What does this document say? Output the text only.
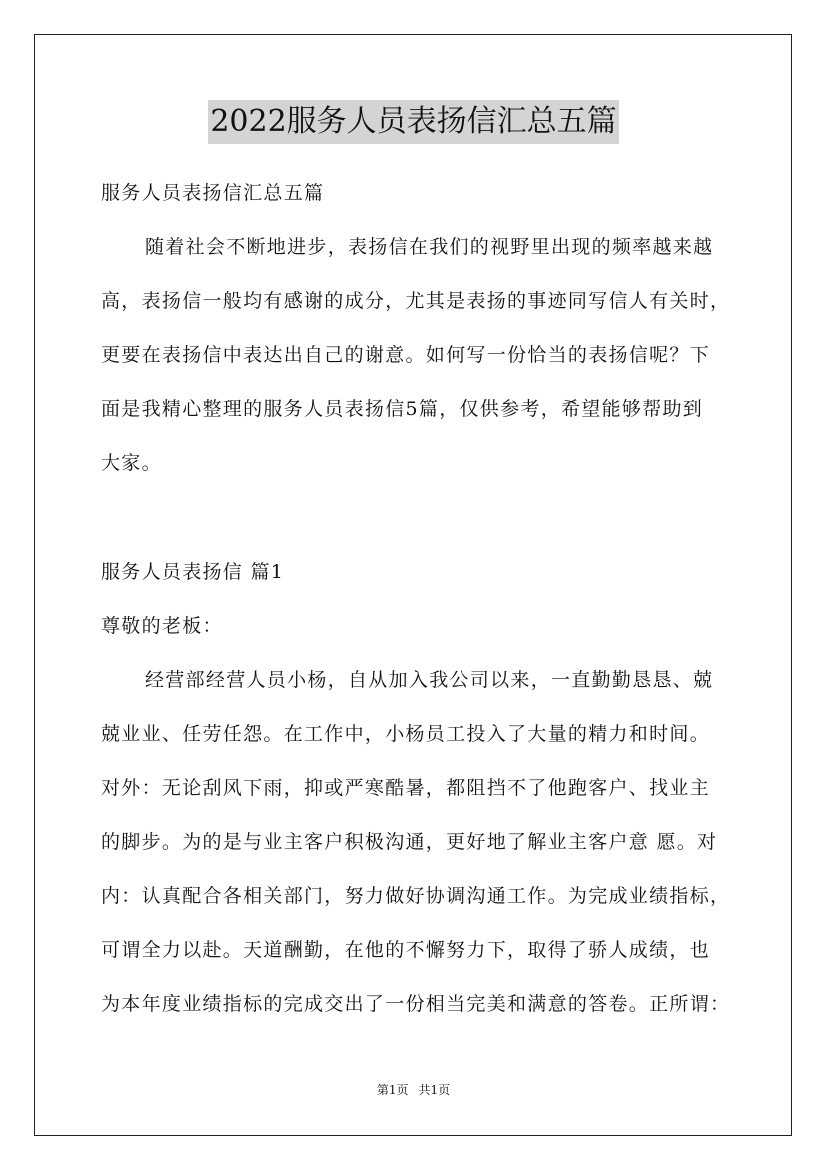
2022服务人员表扬信汇总五篇
服务人员表扬信汇总五篇
随着社会不断地进步，表扬信在我们的视野里出现的频率越来越
高，表扬信一般均有感谢的成分，尤其是表扬的事迹同写信人有关时，
更要在表扬信中表达出自己的谢意。如何写一份恰当的表扬信呢？下
面是我精心整理的服务人员表扬信5篇，仅供参考，希望能够帮助到
大家。
服务人员表扬信 篇1
尊敬的老板：
经营部经营人员小杨，自从加入我公司以来，一直勤勤恳恳、兢
兢业业、任劳任怨。在工作中，小杨员工投入了大量的精力和时间。
对外：无论刮风下雨，抑或严寒酷暑，都阻挡不了他跑客户、找业主
的脚步。为的是与业主客户积极沟通，更好地了解业主客户意 愿。对
内：认真配合各相关部门，努力做好协调沟通工作。为完成业绩指标，
可谓全力以赴。天道酬勤，在他的不懈努力下，取得了骄人成绩，也
为本年度业绩指标的完成交出了一份相当完美和满意的答卷。正所谓：
第1页 共1页
